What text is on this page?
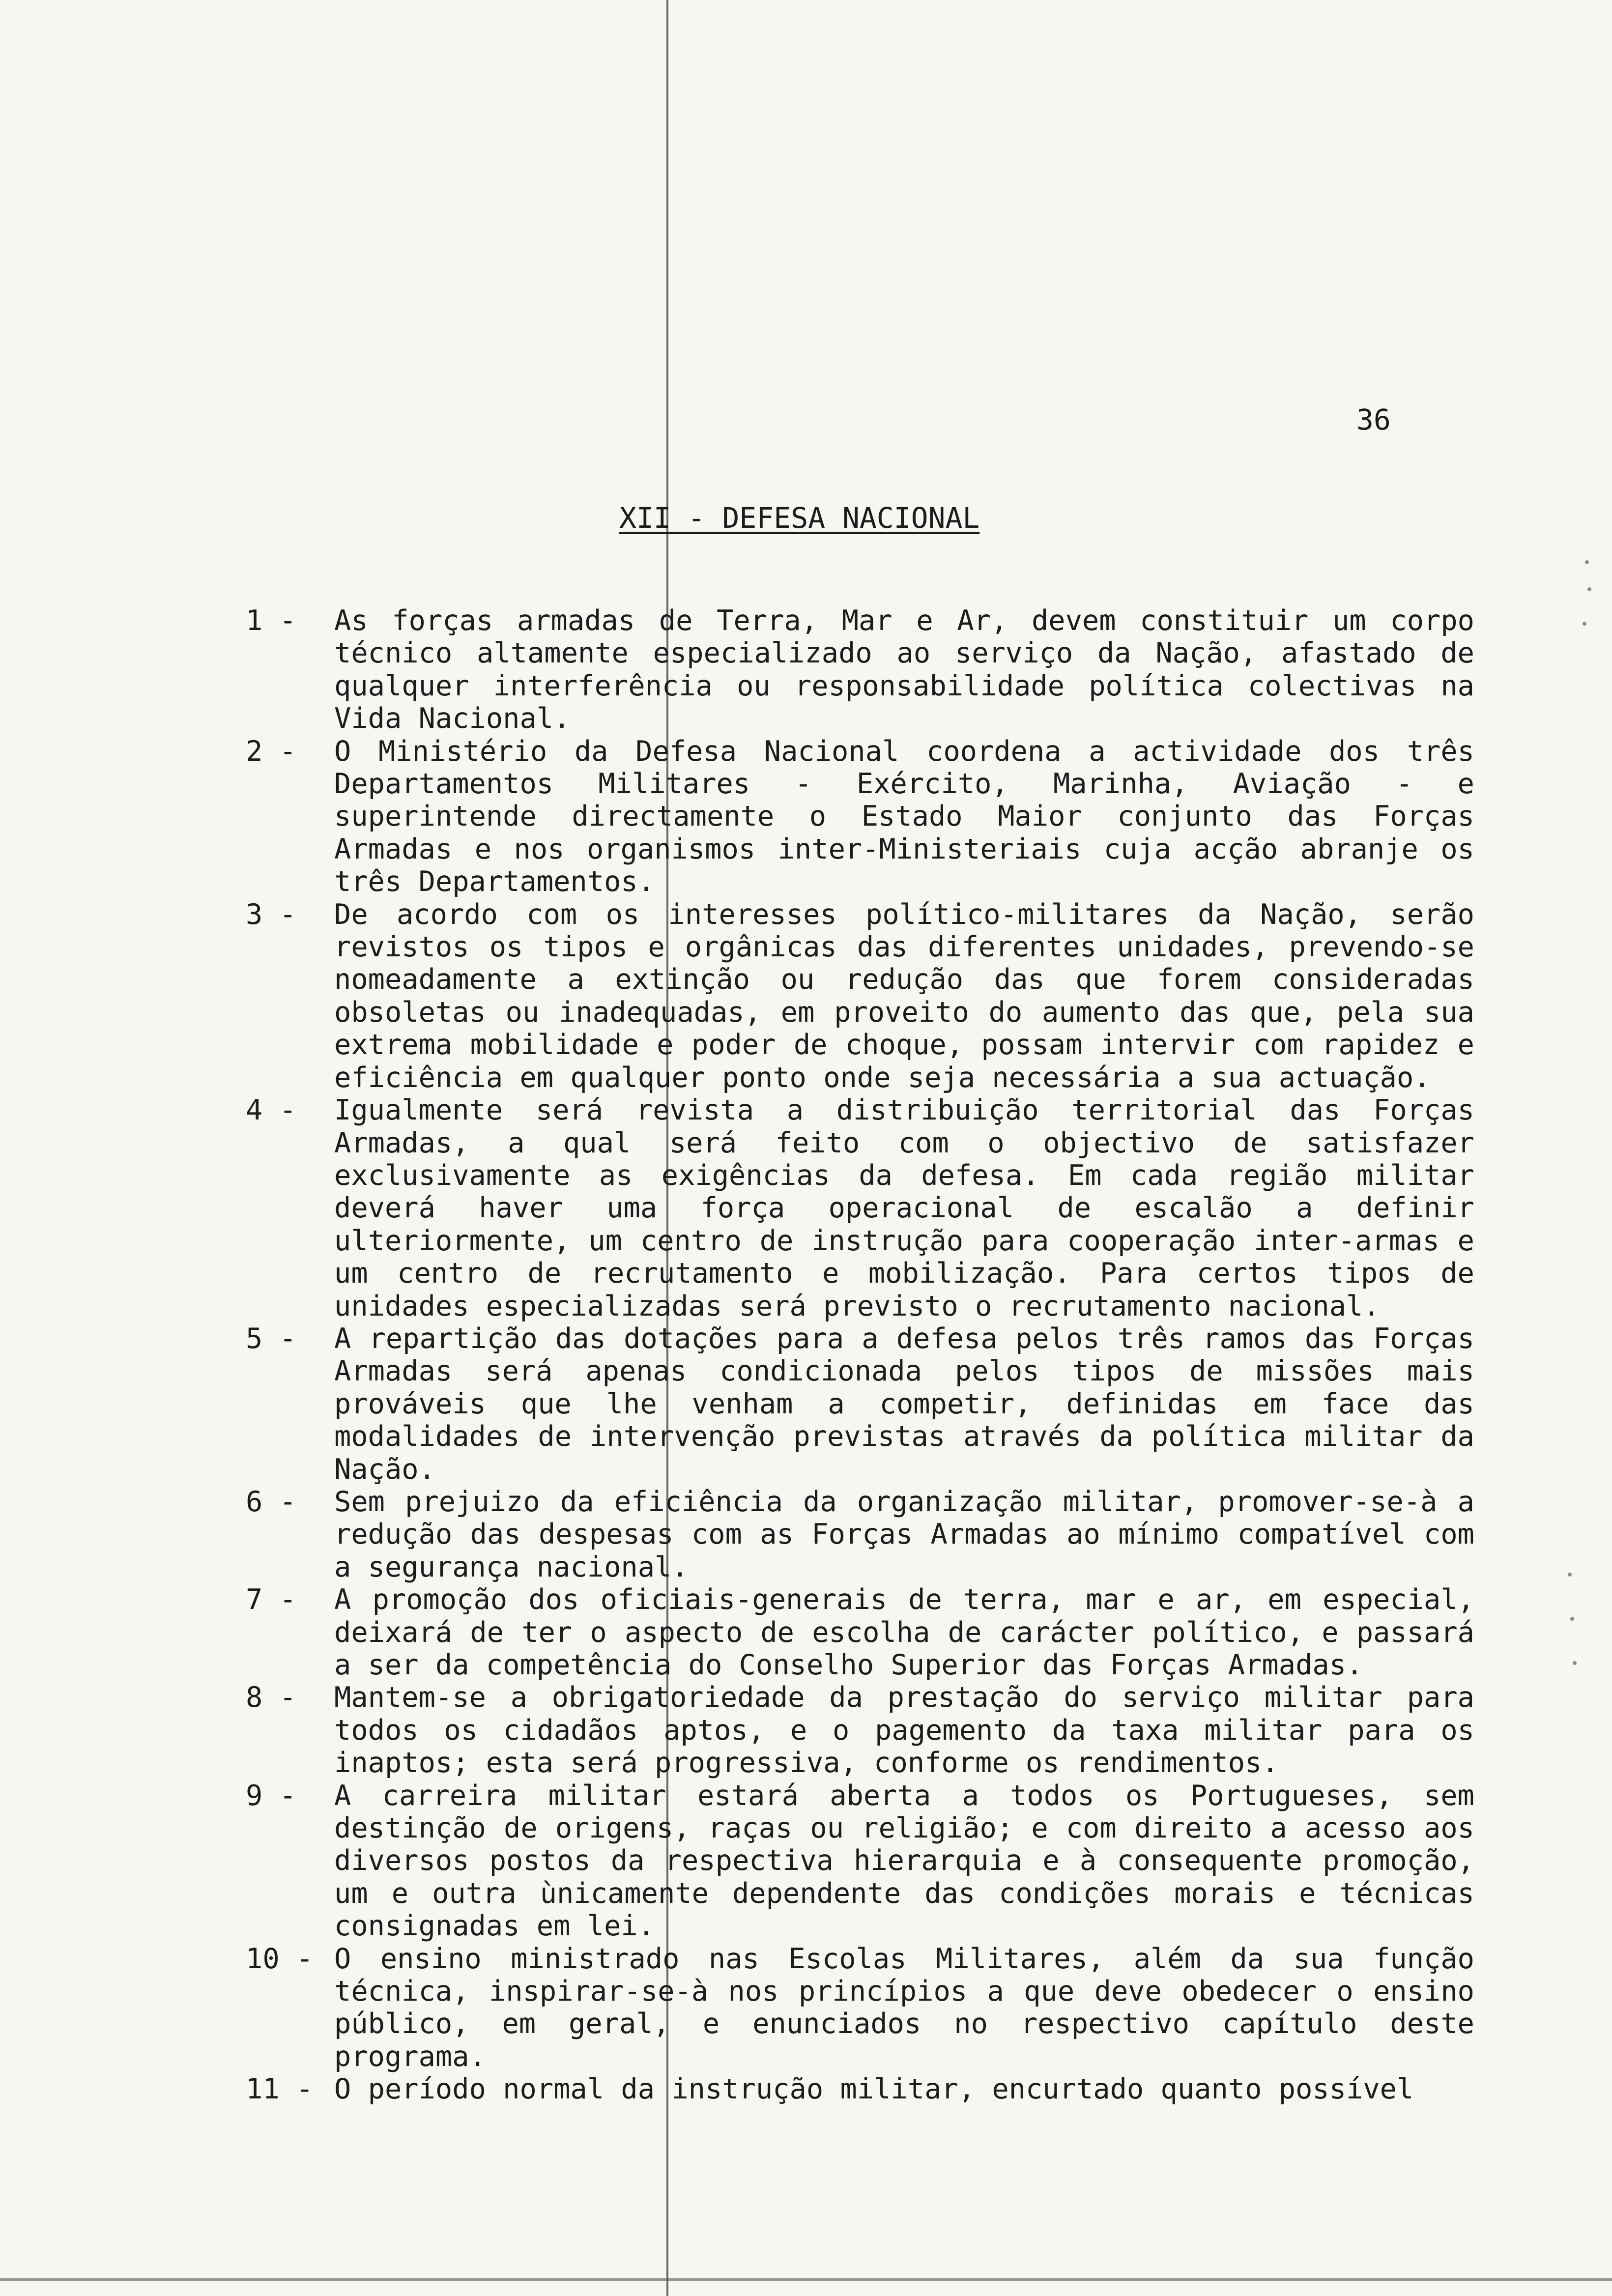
36
XII - DEFESA NACIONAL
1 -	As forças armadas de Terra, Mar e Ar, devem constituir um corpo técnico altamente especializado ao serviço da Nação, afastado de qualquer interferência ou responsabilidade política colectivas na Vida Nacional.

2 -	O Ministério da Defesa Nacional coordena a actividade dos três Departamentos Militares - Exército, Marinha, Aviação - e superintende directamente o Estado Maior conjunto das Forças Armadas e nos organismos inter-Ministeriais cuja acção abranje os três Departamentos.

3 -	De acordo com os interesses político-militares da Nação, serão revistos os tipos e orgânicas das diferentes unidades, prevendo-se nomeadamente a extinção ou redução das que forem consideradas obsoletas ou inadequadas, em proveito do aumento das que, pela sua extrema mobilidade e poder de choque, possam intervir com rapidez e eficiência em qualquer ponto onde seja necessária a sua actuação.

4 -	Igualmente será revista a distribuição territorial das Forças Armadas, a qual será feito com o objectivo de satisfazer exclusivamente as exigências da defesa. Em cada região militar deverá haver uma força operacional de escalão a definir ulteriormente, um centro de instrução para cooperação inter-armas e um centro de recrutamento e mobilização. Para certos tipos de unidades especializadas será previsto o recrutamento nacional.

5 -	A repartição das dotações para a defesa pelos três ramos das Forças Armadas será apenas condicionada pelos tipos de missões mais prováveis que lhe venham a competir, definidas em face das modalidades de intervenção previstas através da política militar da Nação.

6 -	Sem prejuizo da eficiência da organização militar, promover-se-à a redução das despesas com as Forças Armadas ao mínimo compatível com a segurança nacional.

7 -	A promoção dos oficiais-generais de terra, mar e ar, em especial, deixará de ter o aspecto de escolha de carácter político, e passará a ser da competência do Conselho Superior das Forças Armadas.

8 -	Mantem-se a obrigatoriedade da prestação do serviço militar para todos os cidadãos aptos, e o pagemento da taxa militar para os inaptos; esta será progressiva, conforme os rendimentos.

9 -	A carreira militar estará aberta a todos os Portugueses, sem destinção de origens, raças ou religião; e com direito a acesso aos diversos postos da respectiva hierarquia e à consequente promoção, um e outra ùnicamente dependente das condições morais e técnicas consignadas em lei.

10 - O ensino ministrado nas Escolas Militares, além da sua função técnica, inspirar-se-à nos princípios a que deve obedecer o ensino público, em geral, e enunciados no respectivo capítulo deste programa.

11 - O período normal da instrução militar, encurtado quanto possível
